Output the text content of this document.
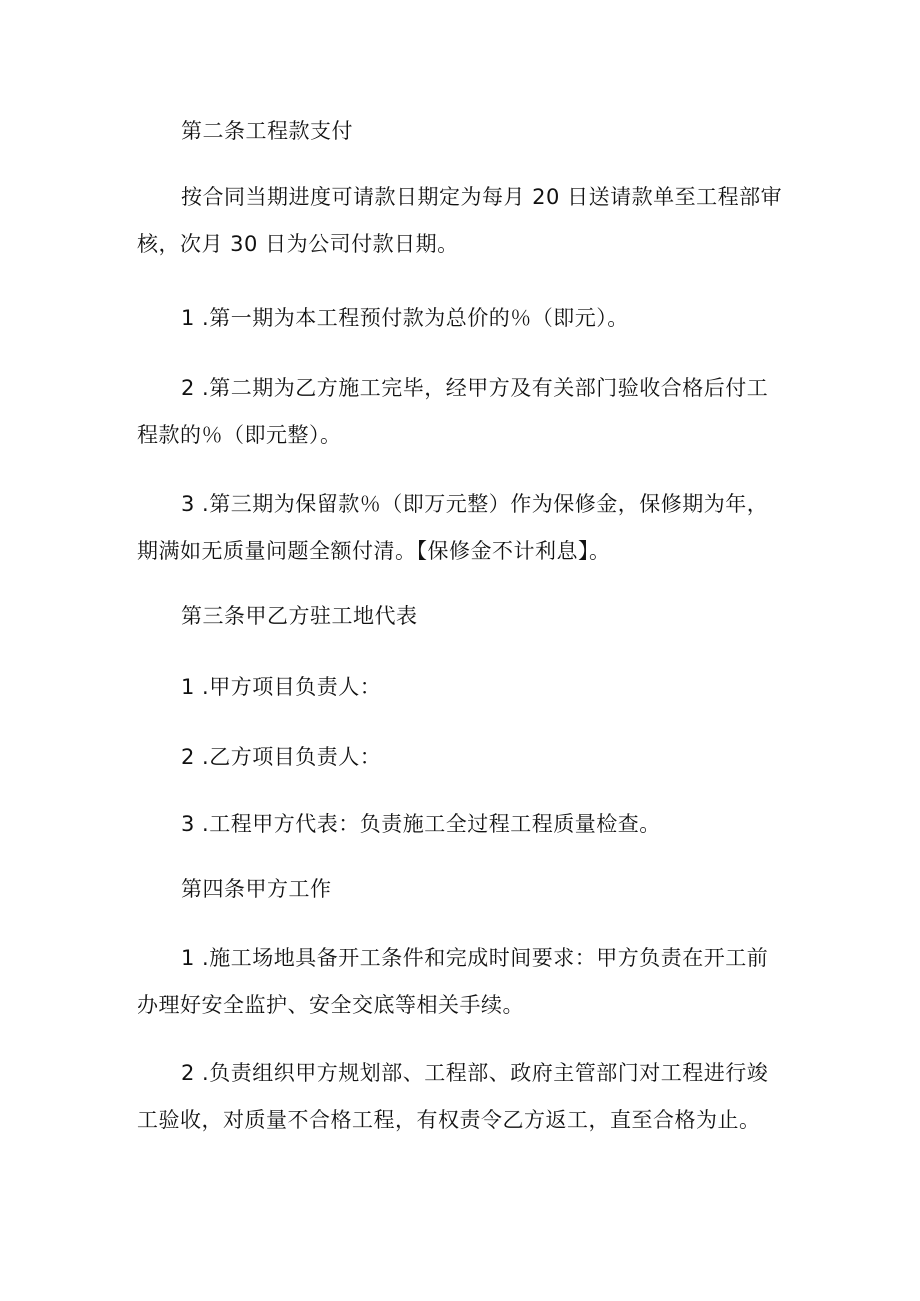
第二条工程款支付

按合同当期进度可请款日期定为每月 20 日送请款单至工程部审
核，次月 30 日为公司付款日期。

1 .第一期为本工程预付款为总价的％（即元）。

2 .第二期为乙方施工完毕，经甲方及有关部门验收合格后付工
程款的％（即元整）。

3 .第三期为保留款％（即万元整）作为保修金，保修期为年，
期满如无质量问题全额付清。【保修金不计利息】。

第三条甲乙方驻工地代表

1 .甲方项目负责人：

2 .乙方项目负责人：

3 .工程甲方代表：负责施工全过程工程质量检查。

第四条甲方工作

1 .施工场地具备开工条件和完成时间要求：甲方负责在开工前
办理好安全监护、安全交底等相关手续。

2 .负责组织甲方规划部、工程部、政府主管部门对工程进行竣
工验收，对质量不合格工程，有权责令乙方返工，直至合格为止。
